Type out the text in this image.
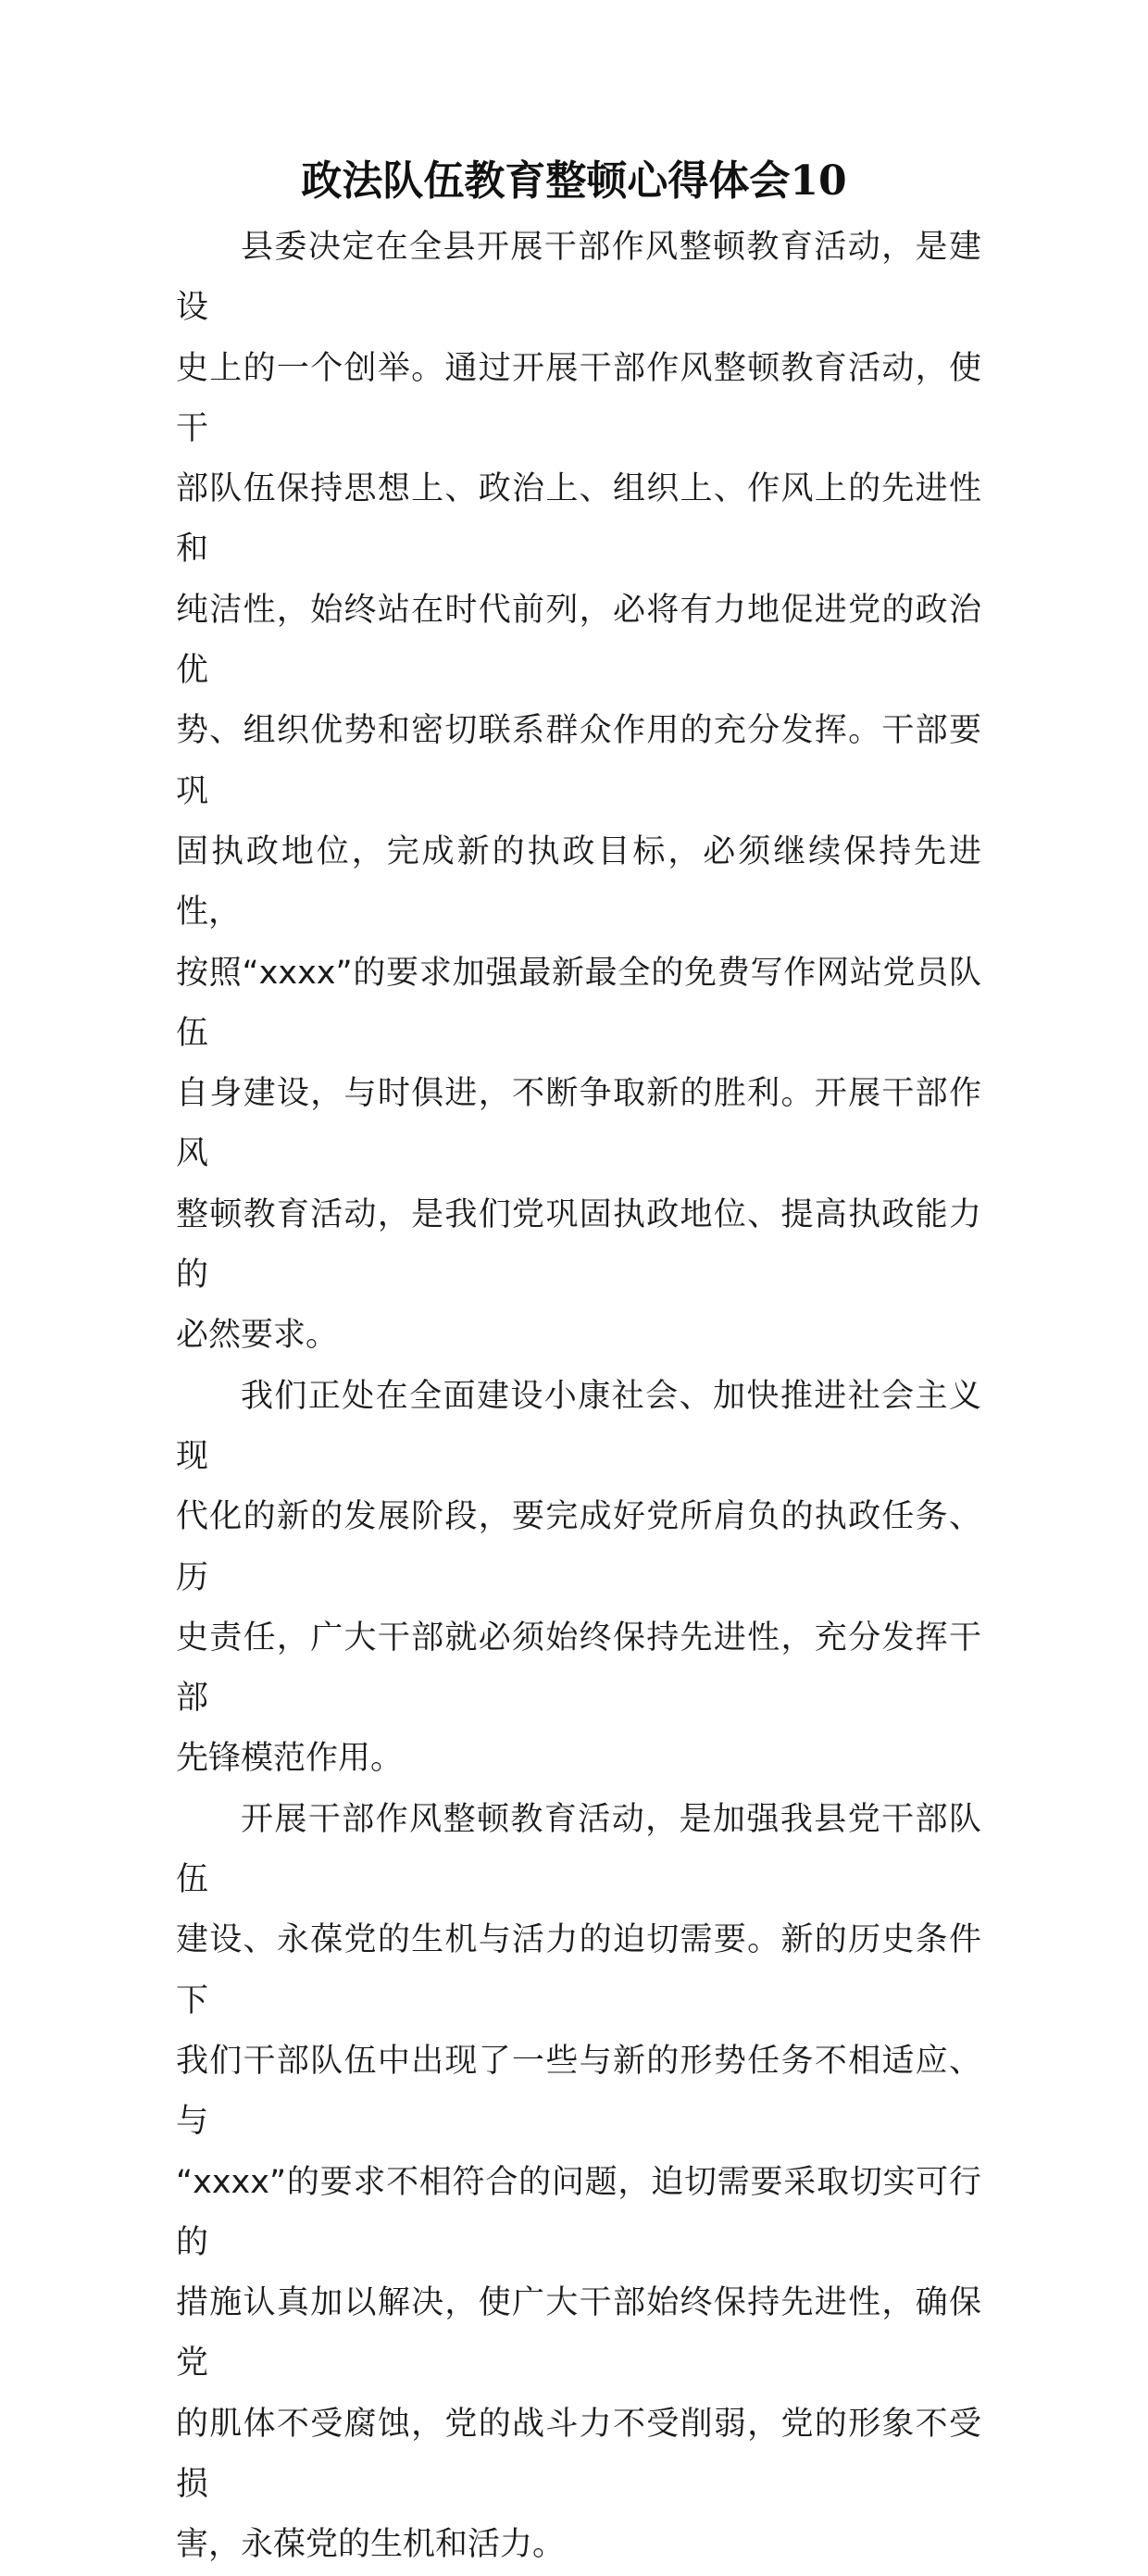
政法队伍教育整顿心得体会10

县委决定在全县开展干部作风整顿教育活动，是建设
史上的一个创举。通过开展干部作风整顿教育活动，使干
部队伍保持思想上、政治上、组织上、作风上的先进性和
纯洁性，始终站在时代前列，必将有力地促进党的政治优
势、组织优势和密切联系群众作用的充分发挥。干部要巩
固执政地位，完成新的执政目标，必须继续保持先进性，
按照“xxxx”的要求加强最新最全的免费写作网站党员队伍
自身建设，与时俱进，不断争取新的胜利。开展干部作风
整顿教育活动，是我们党巩固执政地位、提高执政能力的
必然要求。

我们正处在全面建设小康社会、加快推进社会主义现
代化的新的发展阶段，要完成好党所肩负的执政任务、历
史责任，广大干部就必须始终保持先进性，充分发挥干部
先锋模范作用。

开展干部作风整顿教育活动，是加强我县党干部队伍
建设、永葆党的生机与活力的迫切需要。新的历史条件下
我们干部队伍中出现了一些与新的形势任务不相适应、与
“xxxx”的要求不相符合的问题，迫切需要采取切实可行的
措施认真加以解决，使广大干部始终保持先进性，确保党
的肌体不受腐蚀，党的战斗力不受削弱，党的形象不受损
害，永葆党的生机和活力。
